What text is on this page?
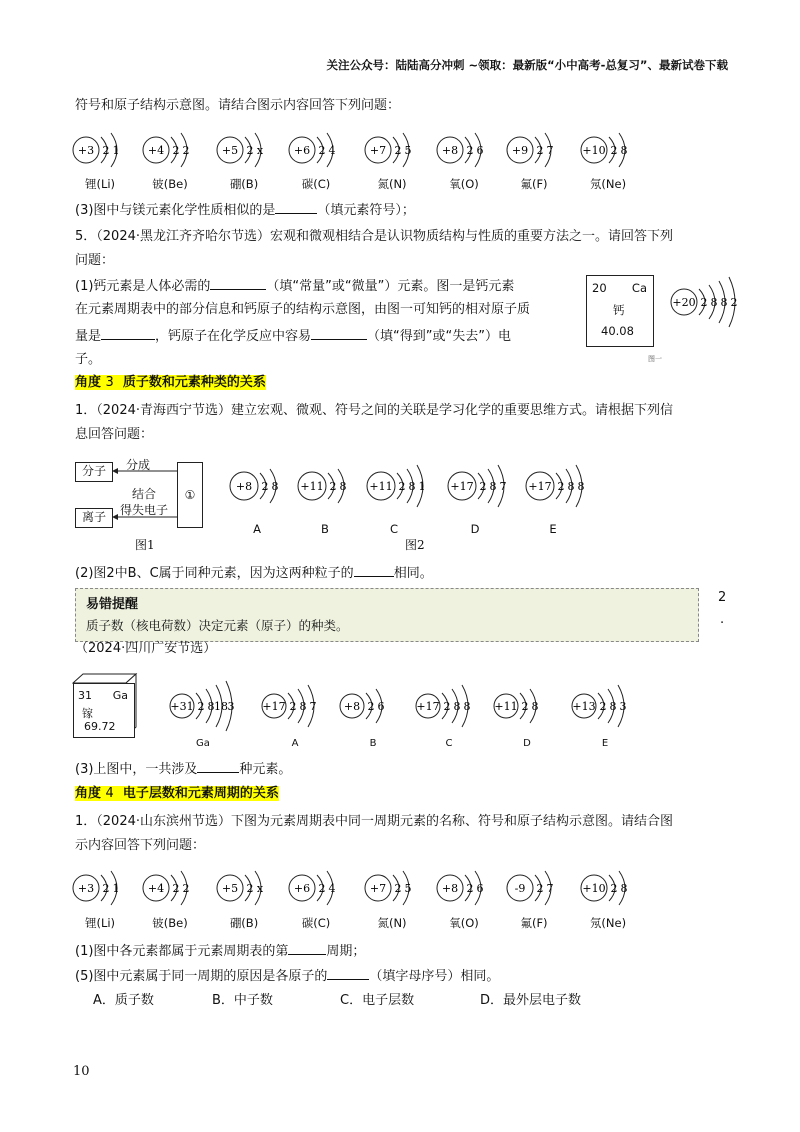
关注公众号：陆陆高分冲刺 ~领取：最新版“小中高考-总复习”、最新试卷下载
符号和原子结构示意图。请结合图示内容回答下列问题：
+3 2 1	+4 2 2	+5 2 x	+6 2 4	+7 2 5	+8 2 6	+9 2 7	+10 2 8
锂(Li)	铍(Be)	硼(B)	碳(C)	氮(N)	氧(O)	氟(F)	氖(Ne)
(3)图中与镁元素化学性质相似的是	（填元素符号）；
5．（2024·黑龙江齐齐哈尔节选）宏观和微观相结合是认识物质结构与性质的重要方法之一。请回答下列
问题：
(1)钙元素是人体必需的	（填“常量”或“微量”）元素。图一是钙元素
在元素周期表中的部分信息和钙原子的结构示意图，由图一可知钙的相对原子质
量是	，钙原子在化学反应中容易	（填“得到”或“失去”）电
子。
20 Ca
钙
40.08
+20 2 8 8 2
图一
角度 3 质子数和元素种类的关系
1．（2024·青海西宁节选）建立宏观、微观、符号之间的关联是学习化学的重要思维方式。请根据下列信
息回答问题：
分子
离子
①
分成
结合
得失电子
图1
+8 2 8 +11 2 8 +11 2 8 1 +17 2 8 7 +17 2 8 8
A	B	C	D	E
图2
(2)图2中B、C属于同种元素，因为这两种粒子的	相同。
易错提醒
质子数（核电荷数）决定元素（原子）的种类。
2
.
（2024·四川广安节选）
31 Ga
镓
69.72
+31 2 8 18 3	+17 2 8 7 +8 2 6	+17 2 8 8 +11 2 8	+13 2 8 3
Ga	A	B	C	D	E
(3)上图中，一共涉及	种元素。
角度 4 电子层数和元素周期的关系
1．（2024·山东滨州节选）下图为元素周期表中同一周期元素的名称、符号和原子结构示意图。请结合图
示内容回答下列问题：
+3 2 1	+4 2 2	+5 2 x	+6 2 4	+7 2 5	+8 2 6	-9 2 7	+10 2 8
锂(Li)	铍(Be)	硼(B)	碳(C)	氮(N)	氧(O)	氟(F)	氖(Ne)
(1)图中各元素都属于元素周期表的第	周期；
(5)图中元素属于同一周期的原因是各原子的	（填字母序号）相同。
A．质子数	B．中子数	C．电子层数	D．最外层电子数
10
